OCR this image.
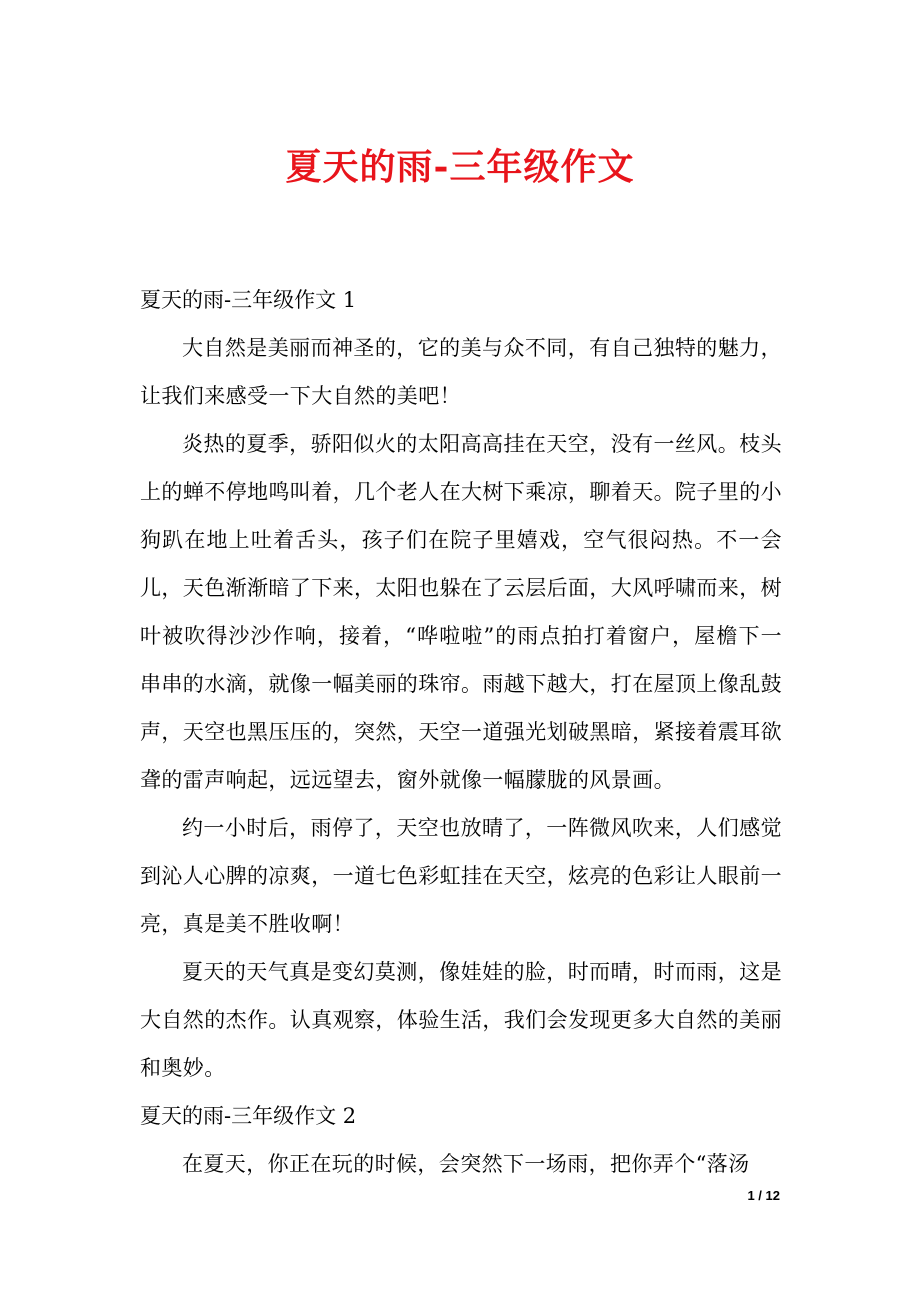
夏天的雨-三年级作文

夏天的雨-三年级作文 1

大自然是美丽而神圣的，它的美与众不同，有自己独特的魅力，让我们来感受一下大自然的美吧！

炎热的夏季，骄阳似火的太阳高高挂在天空，没有一丝风。枝头上的蝉不停地鸣叫着，几个老人在大树下乘凉，聊着天。院子里的小狗趴在地上吐着舌头，孩子们在院子里嬉戏，空气很闷热。不一会儿，天色渐渐暗了下来，太阳也躲在了云层后面，大风呼啸而来，树叶被吹得沙沙作响，接着，“哗啦啦”的雨点拍打着窗户，屋檐下一串串的水滴，就像一幅美丽的珠帘。雨越下越大，打在屋顶上像乱鼓声，天空也黑压压的，突然，天空一道强光划破黑暗，紧接着震耳欲聋的雷声响起，远远望去，窗外就像一幅朦胧的风景画。

约一小时后，雨停了，天空也放晴了，一阵微风吹来，人们感觉到沁人心脾的凉爽，一道七色彩虹挂在天空，炫亮的色彩让人眼前一亮，真是美不胜收啊！

夏天的天气真是变幻莫测，像娃娃的脸，时而晴，时而雨，这是大自然的杰作。认真观察，体验生活，我们会发现更多大自然的美丽和奥妙。

夏天的雨-三年级作文 2

在夏天，你正在玩的时候，会突然下一场雨，把你弄个“落汤

1 / 12
